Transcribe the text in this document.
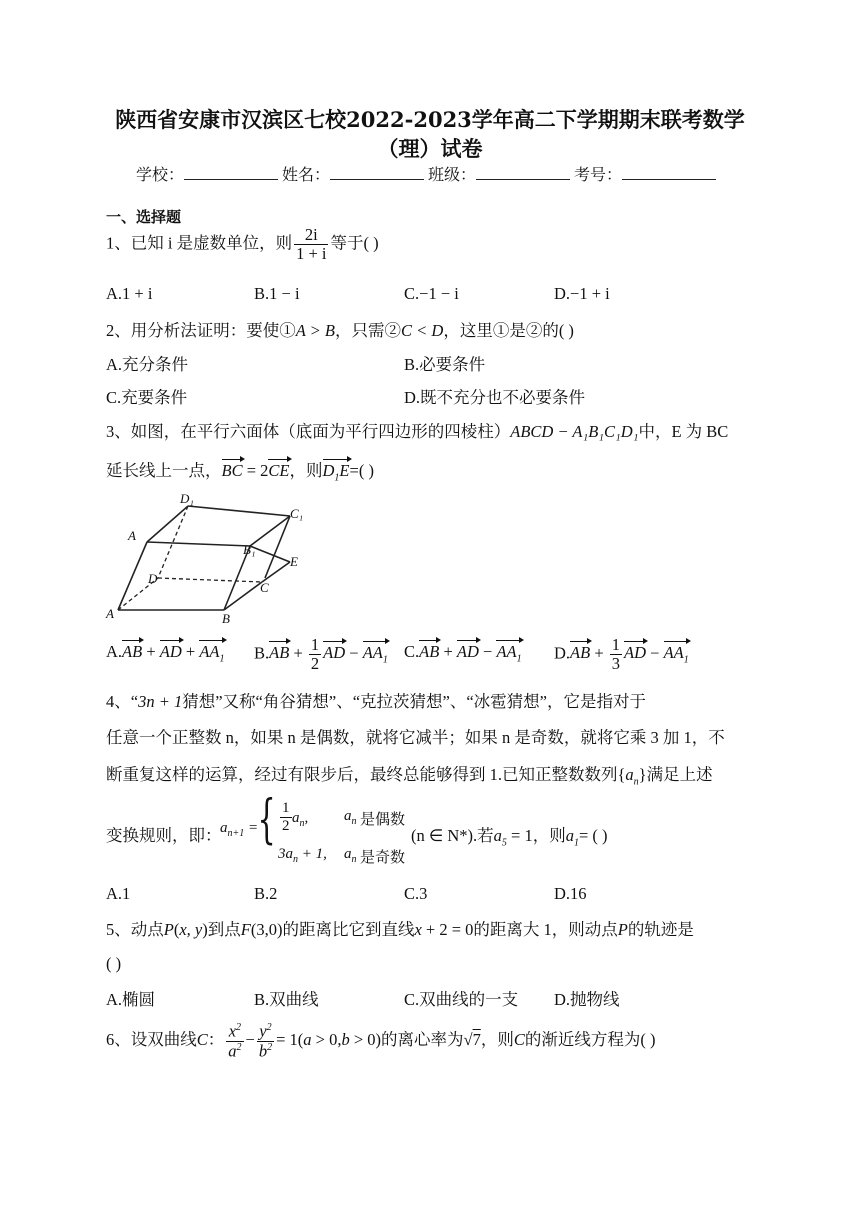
陕西省安康市汉滨区七校2022-2023学年高二下学期期末联考数学
（理）试卷
学校：	姓名：	班级：	考号：
一、选择题
1、已知 i 是虚数单位，则 $\frac{2i}{1 + i}$ 等于( )
A.1 + i	B.1 − i	C.−1 − i	D.−1 + i
2、用分析法证明：要使①A > B，只需②C < D，这里①是②的( )
A.充分条件	B.必要条件
C.充要条件	D.既不充分也不必要条件
3、如图，在平行六面体（底面为平行四边形的四棱柱）ABCD − A₁B₁C₁D₁中，E 为 BC
延长线上一点，BC = 2CE，则$D_1E=$( )
D₁
C₁
A
B₁
E
D
C
A	B
A.AB + AD + $AA_1$ $B.AB + \frac{1}{2}$ AD − $AA_1$ C.AB + AD − $AA_1$ $D.AB + \frac{1}{3}$ AD − $AA_1$
4、“3n + 1猜想”又称“角谷猜想”、“克拉茨猜想”、“冰雹猜想”，它是指对于
任意一个正整数 n，如果 n 是偶数，就将它减半；如果 n 是奇数，就将它乘 3 加 1，不
断重复这样的运算，经过有限步后，最终总能够得到 1.已知正整数数列$\{a_n\}$满足上述
变换规则，即：
$a_{n+1}$ = { $\frac{1}{2} a_n$, $a_n$ 是偶数
$3a_n + 1$, $a_n$ 是奇数
(n ∈ N*).若$a_5 = 1$，则$a_1=$ ( )
A.1	B.2	C.3	D.16
5、动点P(x, y)到点F(3,0)的距离比它到直线x + 2 = 0的距离大 1，则动点P的轨迹是
( )
A.椭圆	B.双曲线	C.双曲线的一支 D.抛物线
6、设双曲线C： $\frac{x^2}{a^2} - \frac{y^2}{b^2} = 1(a > 0,b > 0)$的离心率为√7，则C的渐近线方程为( )
